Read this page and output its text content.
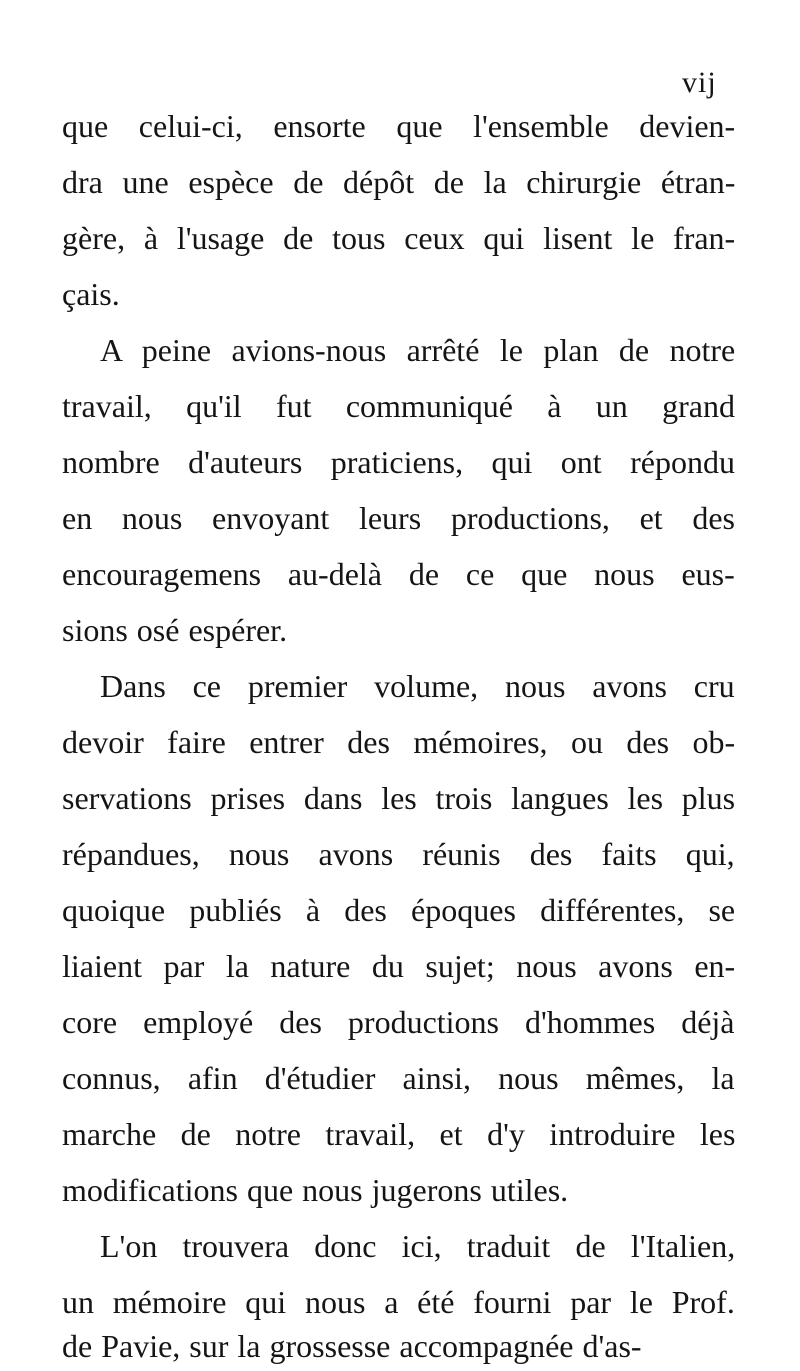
vij
que celui-ci, ensorte que l'ensemble devien-
dra une espèce de dépôt de la chirurgie étran-
gère, à l'usage de tous ceux qui lisent le fran-
çais.
A peine avions-nous arrêté le plan de notre
travail, qu'il fut communiqué à un grand
nombre d'auteurs praticiens, qui ont répondu
en nous envoyant leurs productions, et des
encouragemens au-delà de ce que nous eus-
sions osé espérer.
Dans ce premier volume, nous avons cru
devoir faire entrer des mémoires, ou des ob-
servations prises dans les trois langues les plus
répandues, nous avons réunis des faits qui,
quoique publiés à des époques différentes, se
liaient par la nature du sujet; nous avons en-
core employé des productions d'hommes déjà
connus, afin d'étudier ainsi, nous mêmes, la
marche de notre travail, et d'y introduire les
modifications que nous jugerons utiles.
L'on trouvera donc ici, traduit de l'Italien,
un mémoire qui nous a été fourni par le Prof.
de Pavie, sur la grossesse accompagnée d'as-
